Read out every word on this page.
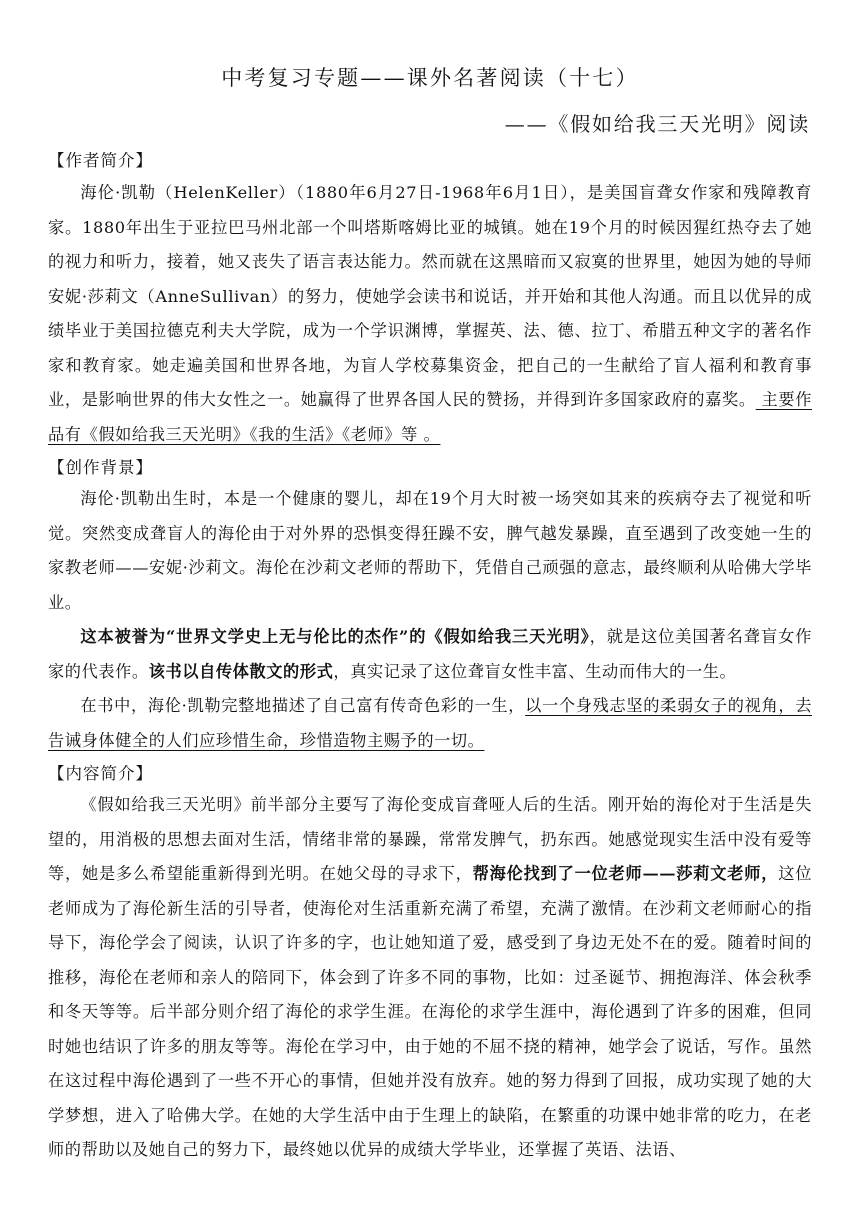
中考复习专题——课外名著阅读（十七）
——《假如给我三天光明》阅读
【作者简介】
海伦·凯勒（HelenKeller）（1880年6月27日-1968年6月1日），是美国盲聋女作家和残障教育家。1880年出生于亚拉巴马州北部一个叫塔斯喀姆比亚的城镇。她在19个月的时候因猩红热夺去了她的视力和听力，接着，她又丧失了语言表达能力。然而就在这黑暗而又寂寞的世界里，她因为她的导师安妮·莎莉文（AnneSullivan）的努力，使她学会读书和说话，并开始和其他人沟通。而且以优异的成绩毕业于美国拉德克利夫大学院，成为一个学识渊博，掌握英、法、德、拉丁、希腊五种文字的著名作家和教育家。她走遍美国和世界各地，为盲人学校募集资金，把自己的一生献给了盲人福利和教育事业，是影响世界的伟大女性之一。她赢得了世界各国人民的赞扬，并得到许多国家政府的嘉奖。 主要作品有《假如给我三天光明》《我的生活》《老师》等 。
【创作背景】
海伦·凯勒出生时，本是一个健康的婴儿，却在19个月大时被一场突如其来的疾病夺去了视觉和听觉。突然变成聋盲人的海伦由于对外界的恐惧变得狂躁不安，脾气越发暴躁，直至遇到了改变她一生的家教老师——安妮·沙莉文。海伦在沙莉文老师的帮助下，凭借自己顽强的意志，最终顺利从哈佛大学毕业。
这本被誉为“世界文学史上无与伦比的杰作”的《假如给我三天光明》，就是这位美国著名聋盲女作家的代表作。该书以自传体散文的形式，真实记录了这位聋盲女性丰富、生动而伟大的一生。
在书中，海伦·凯勒完整地描述了自己富有传奇色彩的一生，以一个身残志坚的柔弱女子的视角，去告诫身体健全的人们应珍惜生命，珍惜造物主赐予的一切。
【内容简介】
《假如给我三天光明》前半部分主要写了海伦变成盲聋哑人后的生活。刚开始的海伦对于生活是失望的，用消极的思想去面对生活，情绪非常的暴躁，常常发脾气，扔东西。她感觉现实生活中没有爱等等，她是多么希望能重新得到光明。在她父母的寻求下，帮海伦找到了一位老师——莎莉文老师，这位老师成为了海伦新生活的引导者，使海伦对生活重新充满了希望，充满了激情。在沙莉文老师耐心的指导下，海伦学会了阅读，认识了许多的字，也让她知道了爱，感受到了身边无处不在的爱。随着时间的推移，海伦在老师和亲人的陪同下，体会到了许多不同的事物，比如：过圣诞节、拥抱海洋、体会秋季和冬天等等。后半部分则介绍了海伦的求学生涯。在海伦的求学生涯中，海伦遇到了许多的困难，但同时她也结识了许多的朋友等等。海伦在学习中，由于她的不屈不挠的精神，她学会了说话，写作。虽然在这过程中海伦遇到了一些不开心的事情，但她并没有放弃。她的努力得到了回报，成功实现了她的大学梦想，进入了哈佛大学。在她的大学生活中由于生理上的缺陷，在繁重的功课中她非常的吃力，在老师的帮助以及她自己的努力下，最终她以优异的成绩大学毕业，还掌握了英语、法语、
